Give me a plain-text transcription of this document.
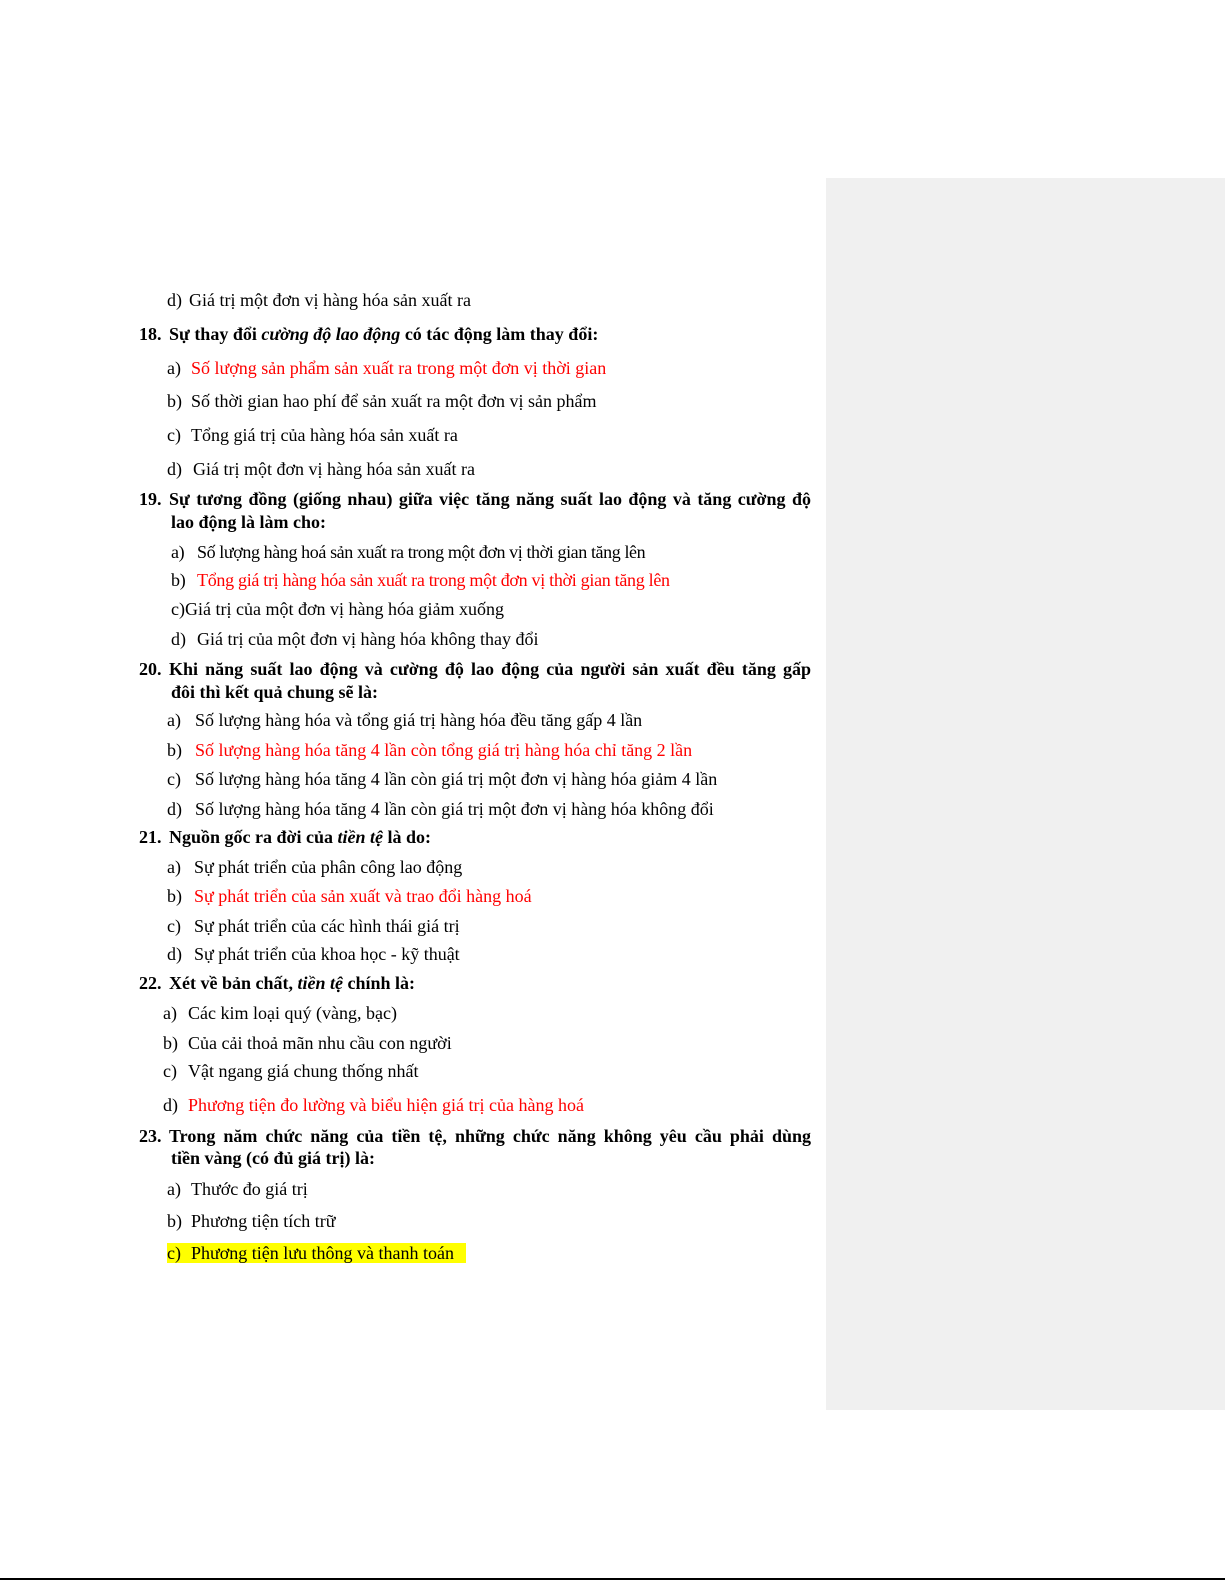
d) Giá trị một đơn vị hàng hóa sản xuất ra
18. Sự thay đổi cường độ lao động có tác động làm thay đổi:
a) Số lượng sản phẩm sản xuất ra trong một đơn vị thời gian
b) Số thời gian hao phí để sản xuất ra một đơn vị sản phẩm
c) Tổng giá trị của hàng hóa sản xuất ra
d) Giá trị một đơn vị hàng hóa sản xuất ra
19. Sự tương đồng (giống nhau) giữa việc tăng năng suất lao động và tăng cường độ
lao động là làm cho:
a) Số lượng hàng hoá sản xuất ra trong một đơn vị thời gian tăng lên
b) Tổng giá trị hàng hóa sản xuất ra trong một đơn vị thời gian tăng lên
c)Giá trị của một đơn vị hàng hóa giảm xuống
d) Giá trị của một đơn vị hàng hóa không thay đổi
20. Khi năng suất lao động và cường độ lao động của người sản xuất đều tăng gấp
đôi thì kết quả chung sẽ là:
a) Số lượng hàng hóa và tổng giá trị hàng hóa đều tăng gấp 4 lần
b) Số lượng hàng hóa tăng 4 lần còn tổng giá trị hàng hóa chỉ tăng 2 lần
c) Số lượng hàng hóa tăng 4 lần còn giá trị một đơn vị hàng hóa giảm 4 lần
d) Số lượng hàng hóa tăng 4 lần còn giá trị một đơn vị hàng hóa không đổi
21. Nguồn gốc ra đời của tiền tệ là do:
a) Sự phát triển của phân công lao động
b) Sự phát triển của sản xuất và trao đổi hàng hoá
c) Sự phát triển của các hình thái giá trị
d) Sự phát triển của khoa học - kỹ thuật
22. Xét về bản chất, tiền tệ chính là:
a) Các kim loại quý (vàng, bạc)
b) Của cải thoả mãn nhu cầu con người
c) Vật ngang giá chung thống nhất
d) Phương tiện đo lường và biểu hiện giá trị của hàng hoá
23. Trong năm chức năng của tiền tệ, những chức năng không yêu cầu phải dùng
tiền vàng (có đủ giá trị) là:
a) Thước đo giá trị
b) Phương tiện tích trữ
c) Phương tiện lưu thông và thanh toán
